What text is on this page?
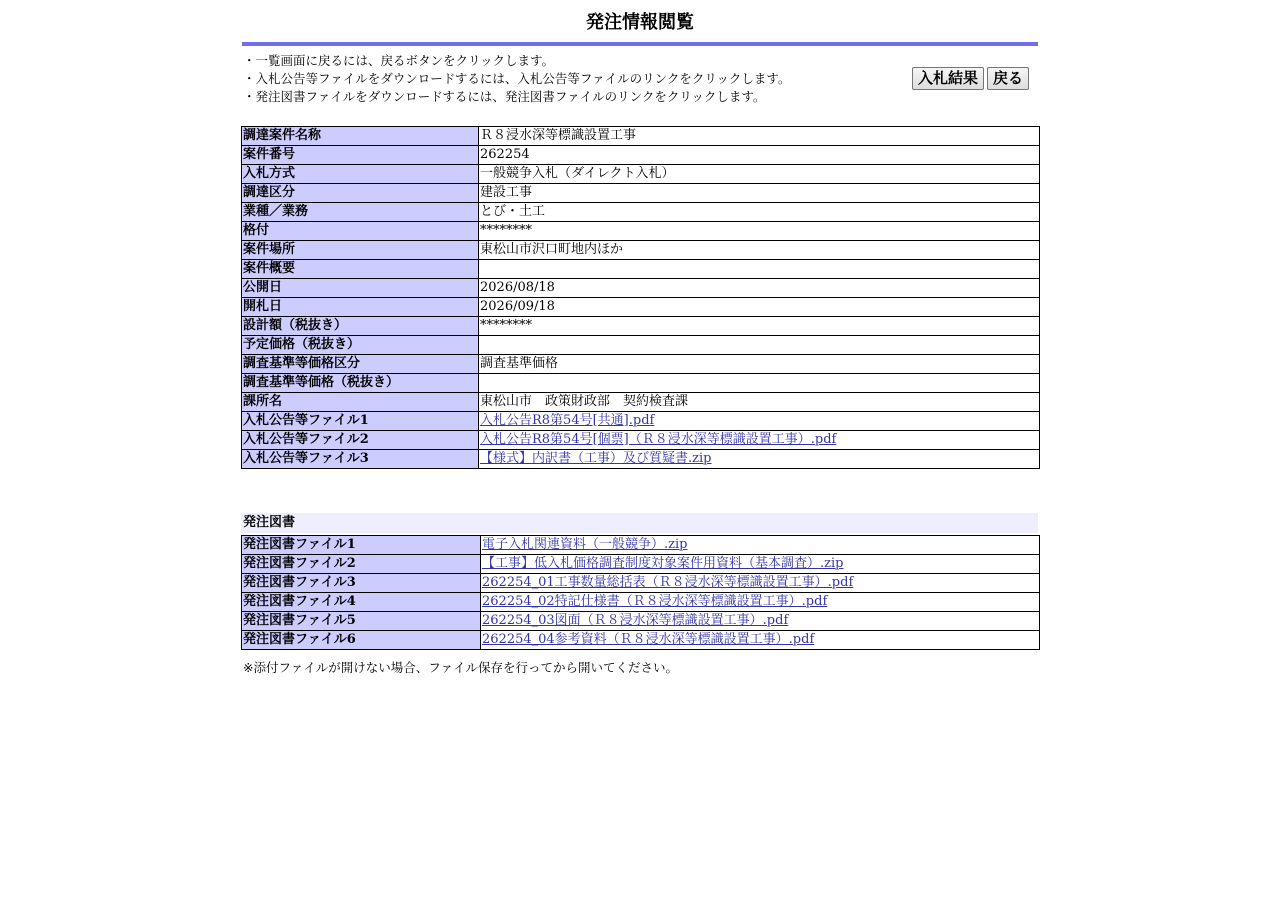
発注情報閲覧
・一覧画面に戻るには、戻るボタンをクリックします。
・入札公告等ファイルをダウンロードするには、入札公告等ファイルのリンクをクリックします。
・発注図書ファイルをダウンロードするには、発注図書ファイルのリンクをクリックします。
入札結果	戻る
調達案件名称	Ｒ８浸水深等標識設置工事
案件番号	262254
入札方式	一般競争入札（ダイレクト入札）
調達区分	建設工事
業種／業務	とび・土工
格付	********
案件場所	東松山市沢口町地内ほか
案件概要	
公開日	2026/08/18
開札日	2026/09/18
設計額（税抜き）	********
予定価格（税抜き）	
調査基準等価格区分	調査基準価格
調査基準等価格（税抜き）	
課所名	東松山市　政策財政部　契約検査課
入札公告等ファイル1	入札公告R8第54号[共通].pdf
入札公告等ファイル2	入札公告R8第54号[個票]（Ｒ８浸水深等標識設置工事）.pdf
入札公告等ファイル3	【様式】内訳書（工事）及び質疑書.zip
発注図書
発注図書ファイル1	電子入札関連資料（一般競争）.zip
発注図書ファイル2	【工事】低入札価格調査制度対象案件用資料（基本調査）.zip
発注図書ファイル3	262254_01工事数量総括表（Ｒ８浸水深等標識設置工事）.pdf
発注図書ファイル4	262254_02特記仕様書（Ｒ８浸水深等標識設置工事）.pdf
発注図書ファイル5	262254_03図面（Ｒ８浸水深等標識設置工事）.pdf
発注図書ファイル6	262254_04参考資料（Ｒ８浸水深等標識設置工事）.pdf
※添付ファイルが開けない場合、ファイル保存を行ってから開いてください。
